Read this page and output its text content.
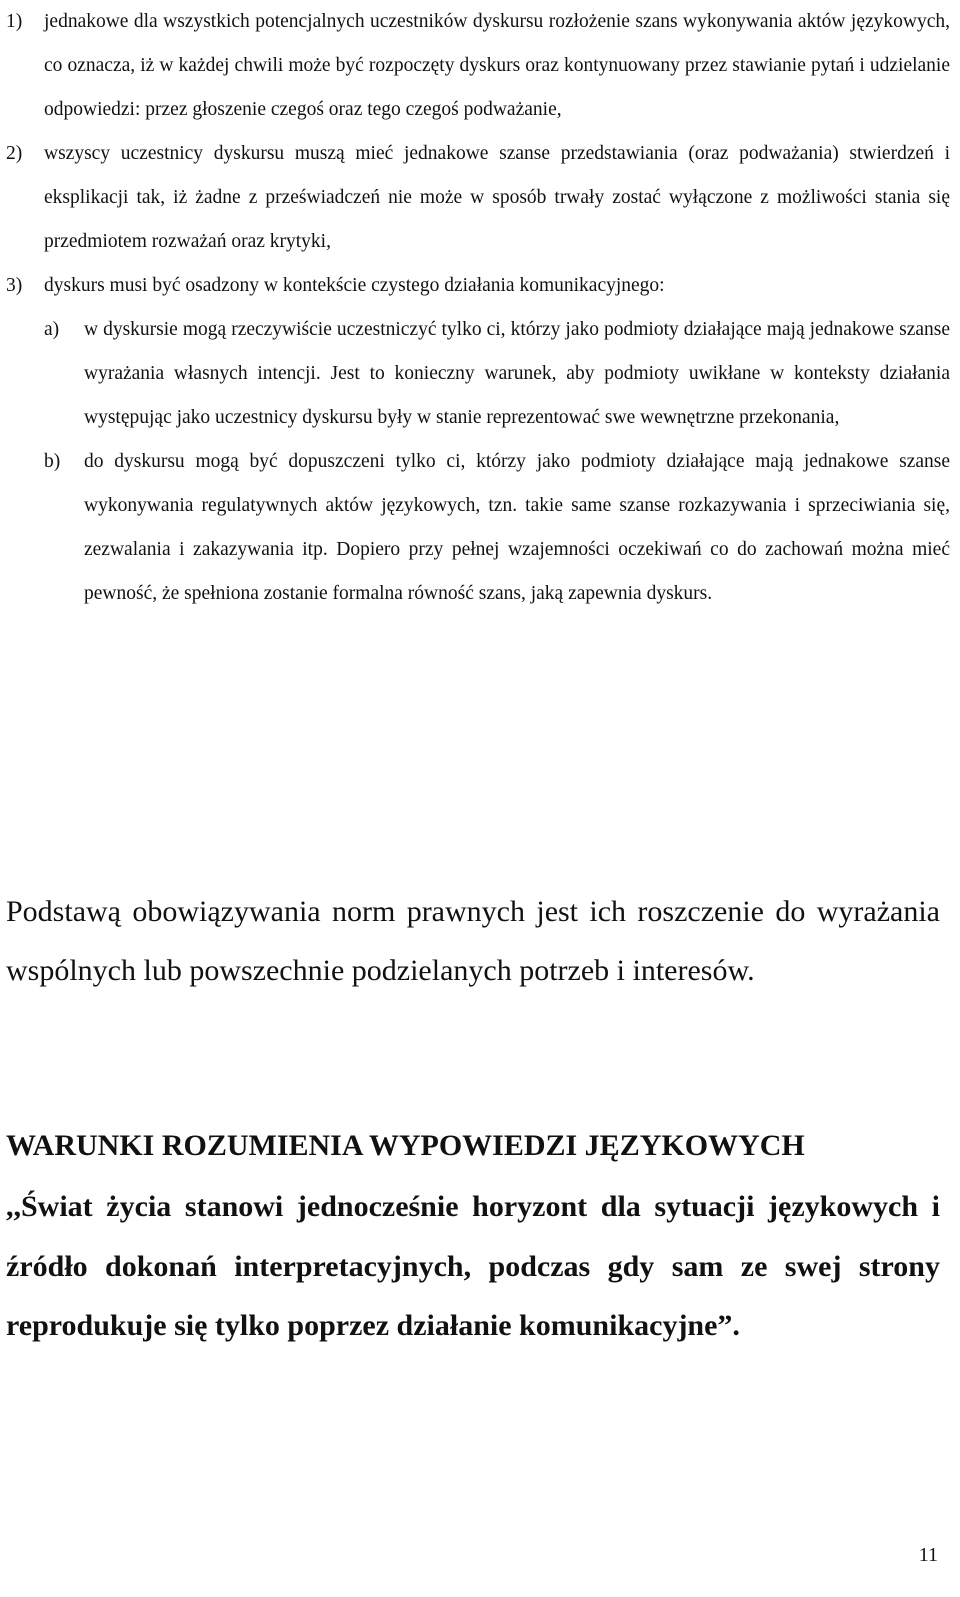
1) jednakowe dla wszystkich potencjalnych uczestników dyskursu rozłożenie szans wykonywania aktów językowych, co oznacza, iż w każdej chwili może być rozpoczęty dyskurs oraz kontynuowany przez stawianie pytań i udzielanie odpowiedzi: przez głoszenie czegoś oraz tego czegoś podważanie,
2) wszyscy uczestnicy dyskursu muszą mieć jednakowe szanse przedstawiania (oraz podważania) stwierdzeń i eksplikacji tak, iż żadne z przeświadczeń nie może w sposób trwały zostać wyłączone z możliwości stania się przedmiotem rozważań oraz krytyki,
3) dyskurs musi być osadzony w kontekście czystego działania komunikacyjnego:
a) w dyskursie mogą rzeczywiście uczestniczyć tylko ci, którzy jako podmioty działające mają jednakowe szanse wyrażania własnych intencji. Jest to konieczny warunek, aby podmioty uwikłane w konteksty działania występując jako uczestnicy dyskursu były w stanie reprezentować swe wewnętrzne przekonania,
b) do dyskursu mogą być dopuszczeni tylko ci, którzy jako podmioty działające mają jednakowe szanse wykonywania regulatywnych aktów językowych, tzn. takie same szanse rozkazywania i sprzeciwiania się, zezwalania i zakazywania itp. Dopiero przy pełnej wzajemności oczekiwań co do zachowań można mieć pewność, że spełniona zostanie formalna równość szans, jaką zapewnia dyskurs.
Podstawą obowiązywania norm prawnych jest ich roszczenie do wyrażania wspólnych lub powszechnie podzielanych potrzeb i interesów.
WARUNKI ROZUMIENIA WYPOWIEDZI JĘZYKOWYCH
,,Świat życia stanowi jednocześnie horyzont dla sytuacji językowych i źródło dokonań interpretacyjnych, podczas gdy sam ze swej strony reprodukuje się tylko poprzez działanie komunikacyjne”.
11
